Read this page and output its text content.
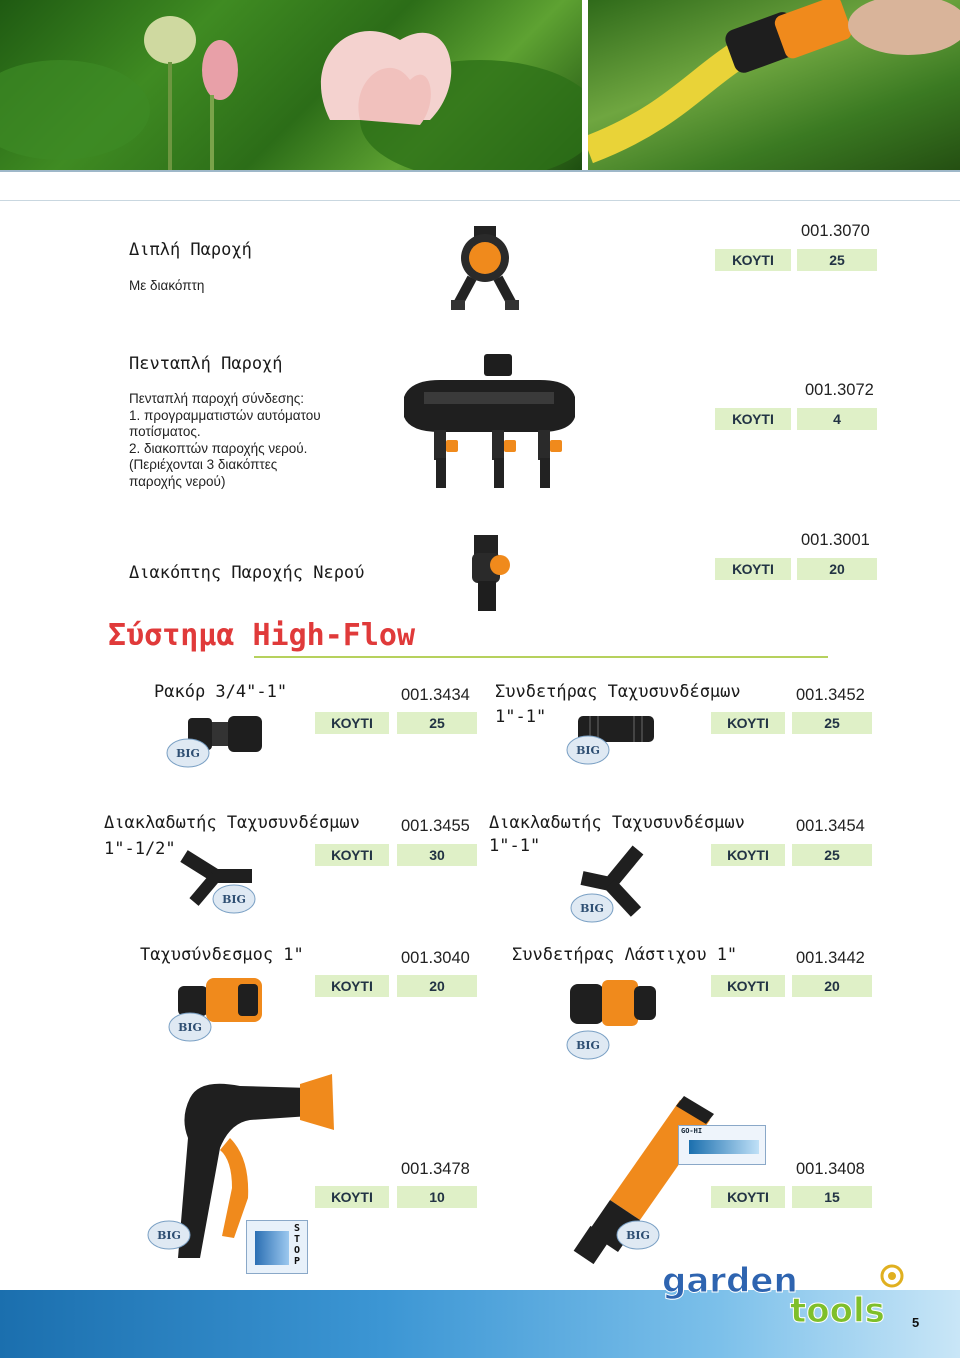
Διπλή Παροχή
Με διακόπτη
001.3070
ΚΟΥΤΙ	25
Πενταπλή Παροχή
Πενταπλή παροχή σύνδεσης:
1. προγραμματιστών αυτόματου
ποτίσματος.
2. διακοπτών παροχής νερού.
(Περιέχονται 3 διακόπτες
παροχής νερού)
001.3072
ΚΟΥΤΙ	4
Διακόπτης Παροχής Νερού
001.3001
ΚΟΥΤΙ	20
Σύστημα High-Flow
Ρακόρ 3/4"-1"	001.3434
ΚΟΥΤΙ	25
BIG
Συνδετήρας Ταχυσυνδέσμων
1"-1"
001.3452
ΚΟΥΤΙ	25
BIG
Διακλαδωτής Ταχυσυνδέσμων
1"-1/2"
001.3455
ΚΟΥΤΙ	30
BIG
Διακλαδωτής Ταχυσυνδέσμων
1"-1"
001.3454
ΚΟΥΤΙ	25
BIG
Ταχυσύνδεσμος 1"	001.3040
ΚΟΥΤΙ	20
BIG
Συνδετήρας Λάστιχου 1"	001.3442
ΚΟΥΤΙ	20
BIG
001.3478
ΚΟΥΤΙ	10
BIG
STOP
GO-HI
001.3408
ΚΟΥΤΙ	15
BIG
garden
tools 5
